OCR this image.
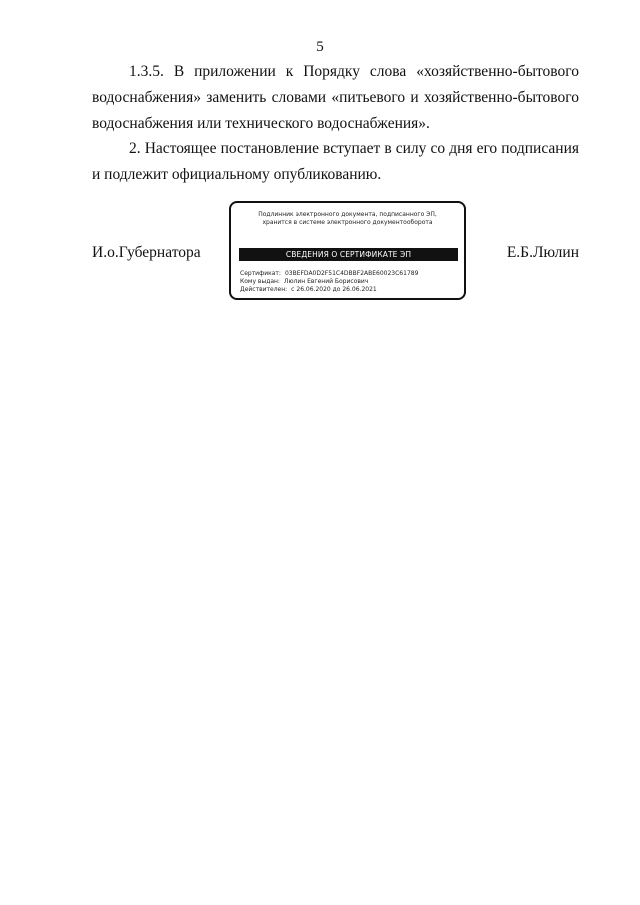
5

1.3.5. В приложении к Порядку слова «хозяйственно-бытового водоснабжения» заменить словами «питьевого и хозяйственно-бытового водоснабжения или технического водоснабжения».

2. Настоящее постановление вступает в силу со дня его подписания и подлежит официальному опубликованию.

И.о.Губернатора
Подлинник электронного документа, подписанного ЭП,
хранится в системе электронного документооборота
СВЕДЕНИЯ О СЕРТИФИКАТЕ ЭП
Сертификат: 03BEFDA0D2F51C4DBBF2ABE60023C61789
Кому выдан: Люлин Евгений Борисович
Действителен: с 26.06.2020 до 26.06.2021
Е.Б.Люлин
